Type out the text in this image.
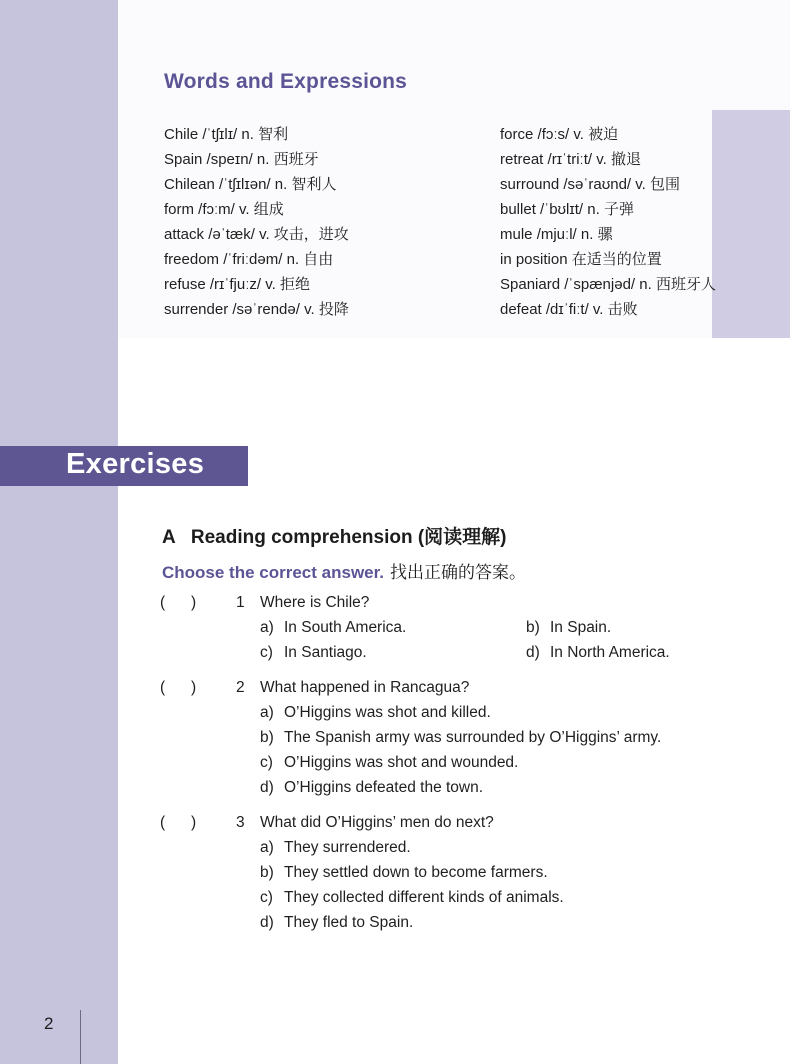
Words and Expressions
Chile /ˈtʃɪlɪ/ n. 智利
Spain /speɪn/ n. 西班牙
Chilean /ˈtʃɪlɪən/ n. 智利人
form /fɔːm/ v. 组成
attack /əˈtæk/ v. 攻击，进攻
freedom /ˈfriːdəm/ n. 自由
refuse /rɪˈfjuːz/ v. 拒绝
surrender /səˈrendə/ v. 投降
force /fɔːs/ v. 被迫
retreat /rɪˈtriːt/ v. 撤退
surround /səˈraʊnd/ v. 包围
bullet /ˈbʊlɪt/ n. 子弹
mule /mjuːl/ n. 骡
in position 在适当的位置
Spaniard /ˈspænjəd/ n. 西班牙人
defeat /dɪˈfiːt/ v. 击败
Exercises
A   Reading comprehension (阅读理解)
Choose the correct answer. 找出正确的答案。
(      )	1 Where is Chile?
a) In South America.	b) In Spain.
c) In Santiago.	d) In North America.
(      )	2 What happened in Rancagua?
a) O’Higgins was shot and killed.
b) The Spanish army was surrounded by O’Higgins’ army.
c) O’Higgins was shot and wounded.
d) O’Higgins defeated the town.
(      )	3 What did O’Higgins’ men do next?
a) They surrendered.
b) They settled down to become farmers.
c) They collected different kinds of animals.
d) They fled to Spain.
2
